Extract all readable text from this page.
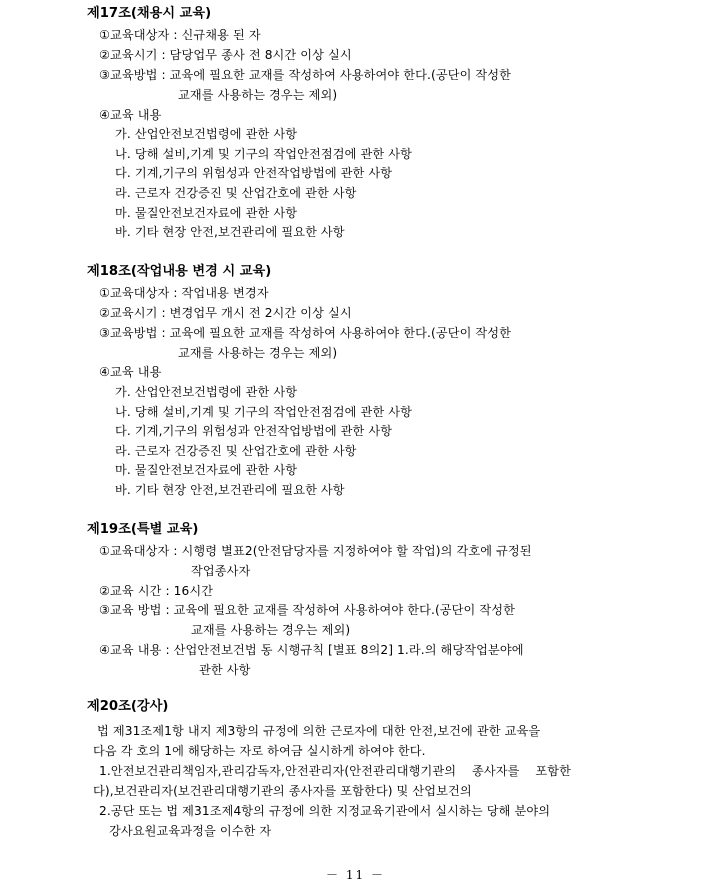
제17조(채용시 교육)
①교육대상자 : 신규채용 된 자
②교육시기 : 담당업무 종사 전 8시간 이상 실시
③교육방법 : 교육에 필요한 교재를 작성하여 사용하여야 한다.(공단이 작성한
교재를 사용하는 경우는 제외)
④교육 내용
가. 산업안전보건법령에 관한 사항
나. 당해 설비,기계 및 기구의 작업안전점검에 관한 사항
다. 기계,기구의 위험성과 안전작업방법에 관한 사항
라. 근로자 건강증진 및 산업간호에 관한 사항
마. 물질안전보건자료에 관한 사항
바. 기타 현장 안전,보건관리에 필요한 사항
제18조(작업내용 변경 시 교육)
①교육대상자 : 작업내용 변경자
②교육시기 : 변경업무 개시 전 2시간 이상 실시
③교육방법 : 교육에 필요한 교재를 작성하여 사용하여야 한다.(공단이 작성한
교재를 사용하는 경우는 제외)
④교육 내용
가. 산업안전보건법령에 관한 사항
나. 당해 설비,기계 및 기구의 작업안전점검에 관한 사항
다. 기계,기구의 위험성과 안전작업방법에 관한 사항
라. 근로자 건강증진 및 산업간호에 관한 사항
마. 물질안전보건자료에 관한 사항
바. 기타 현장 안전,보건관리에 필요한 사항
제19조(특별 교육)
①교육대상자 : 시행령 별표2(안전담당자를 지정하여야 할 작업)의 각호에 규정된
작업종사자
②교육 시간 : 16시간
③교육 방법 : 교육에 필요한 교재를 작성하여 사용하여야 한다.(공단이 작성한
교재를 사용하는 경우는 제외)
④교육 내용 : 산업안전보건법 동 시행규칙 [별표 8의2] 1.라.의 해당작업분야에
관한 사항
제20조(강사)
법 제31조제1항 내지 제3항의 규정에 의한 근로자에 대한 안전,보건에 관한 교육을
다음 각 호의 1에 해당하는 자로 하여금 실시하게 하여야 한다.
1.안전보건관리책임자,관리감독자,안전관리자(안전관리대행기관의    종사자를    포함한
다),보건관리자(보건관리대행기관의 종사자를 포함한다) 및 산업보건의
2.공단 또는 법 제31조제4항의 규정에 의한 지정교육기관에서 실시하는 당해 분야의
강사요원교육과정을 이수한 자
－ 11 －
